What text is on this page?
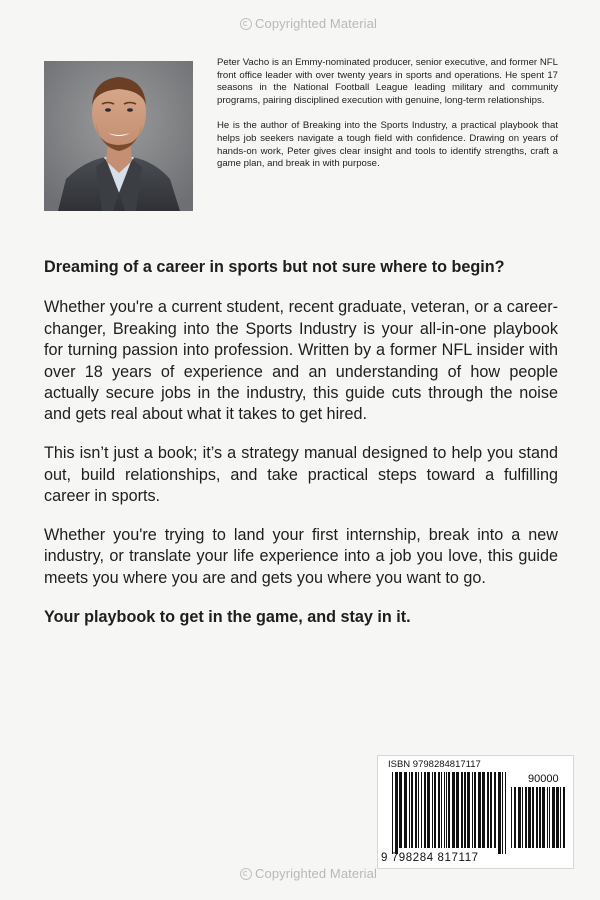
Copyrighted Material

Peter Vacho is an Emmy-nominated producer, senior executive, and former NFL front office leader with over twenty years in sports and operations. He spent 17 seasons in the National Football League leading military and community programs, pairing disciplined execution with genuine, long-term relationships.

He is the author of Breaking into the Sports Industry, a practical playbook that helps job seekers navigate a tough field with confidence. Drawing on years of hands-on work, Peter gives clear insight and tools to identify strengths, craft a game plan, and break in with purpose.

Dreaming of a career in sports but not sure where to begin?

Whether you're a current student, recent graduate, veteran, or a career-changer, Breaking into the Sports Industry is your all-in-one playbook for turning passion into profession. Written by a former NFL insider with over 18 years of experience and an understanding of how people actually secure jobs in the industry, this guide cuts through the noise and gets real about what it takes to get hired.

This isn’t just a book; it’s a strategy manual designed to help you stand out, build relationships, and take practical steps toward a fulfilling career in sports.

Whether you're trying to land your first internship, break into a new industry, or translate your life experience into a job you love, this guide meets you where you are and gets you where you want to go.

Your playbook to get in the game, and stay in it.

ISBN 9798284817117
90000
9 798284 817117
Copyrighted Material
